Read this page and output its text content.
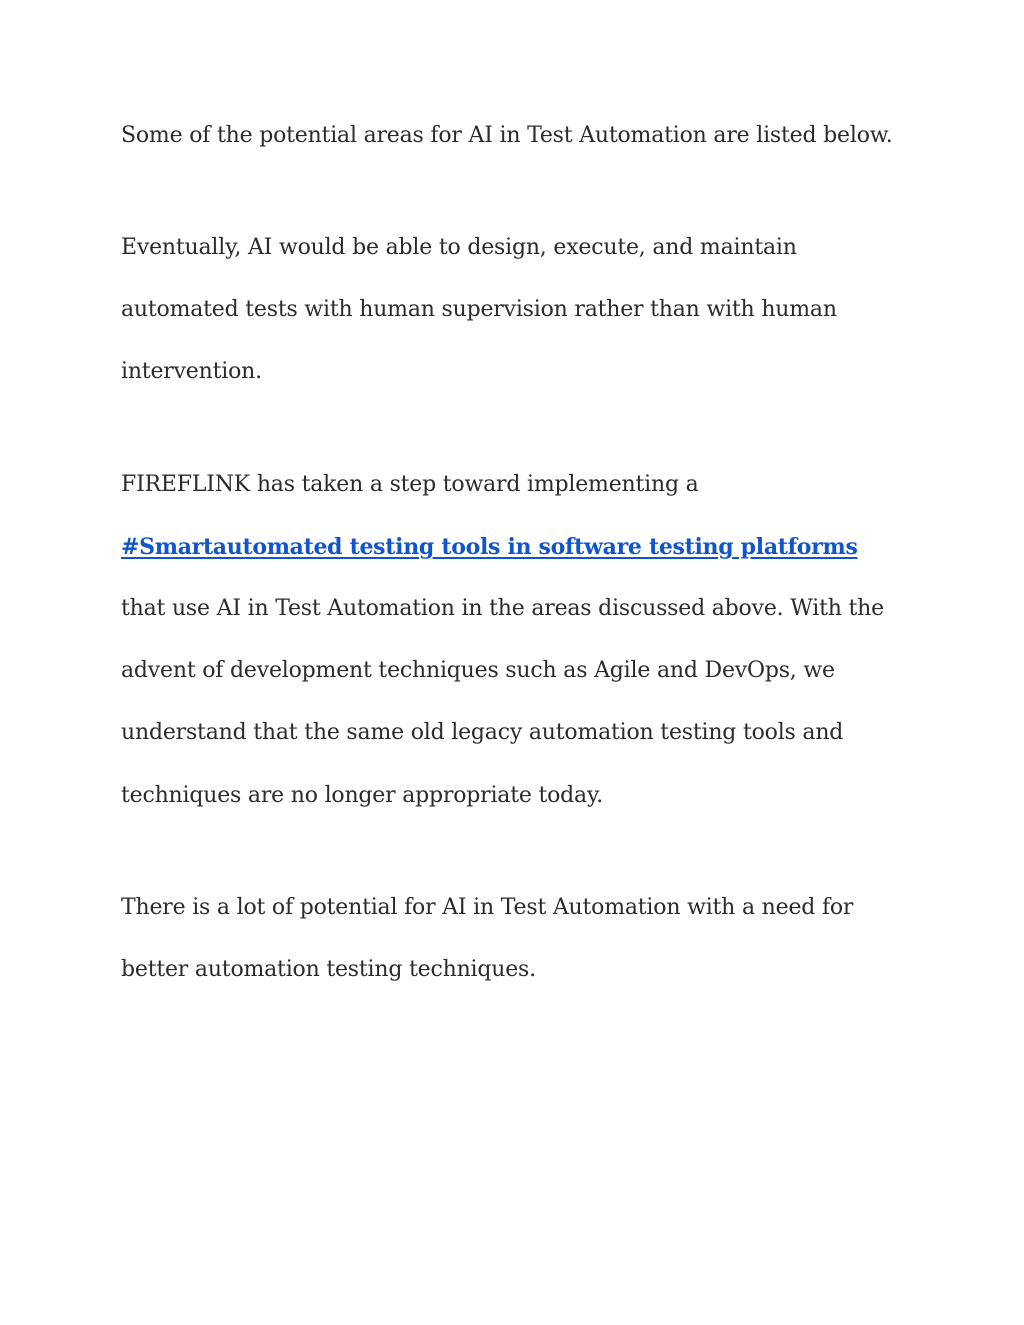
Some of the potential areas for AI in Test Automation are listed below.
Eventually, AI would be able to design, execute, and maintain
automated tests with human supervision rather than with human
intervention.
FIREFLINK has taken a step toward implementing a
#Smartautomated testing tools in software testing platforms
that use AI in Test Automation in the areas discussed above. With the
advent of development techniques such as Agile and DevOps, we
understand that the same old legacy automation testing tools and
techniques are no longer appropriate today.
There is a lot of potential for AI in Test Automation with a need for
better automation testing techniques.
